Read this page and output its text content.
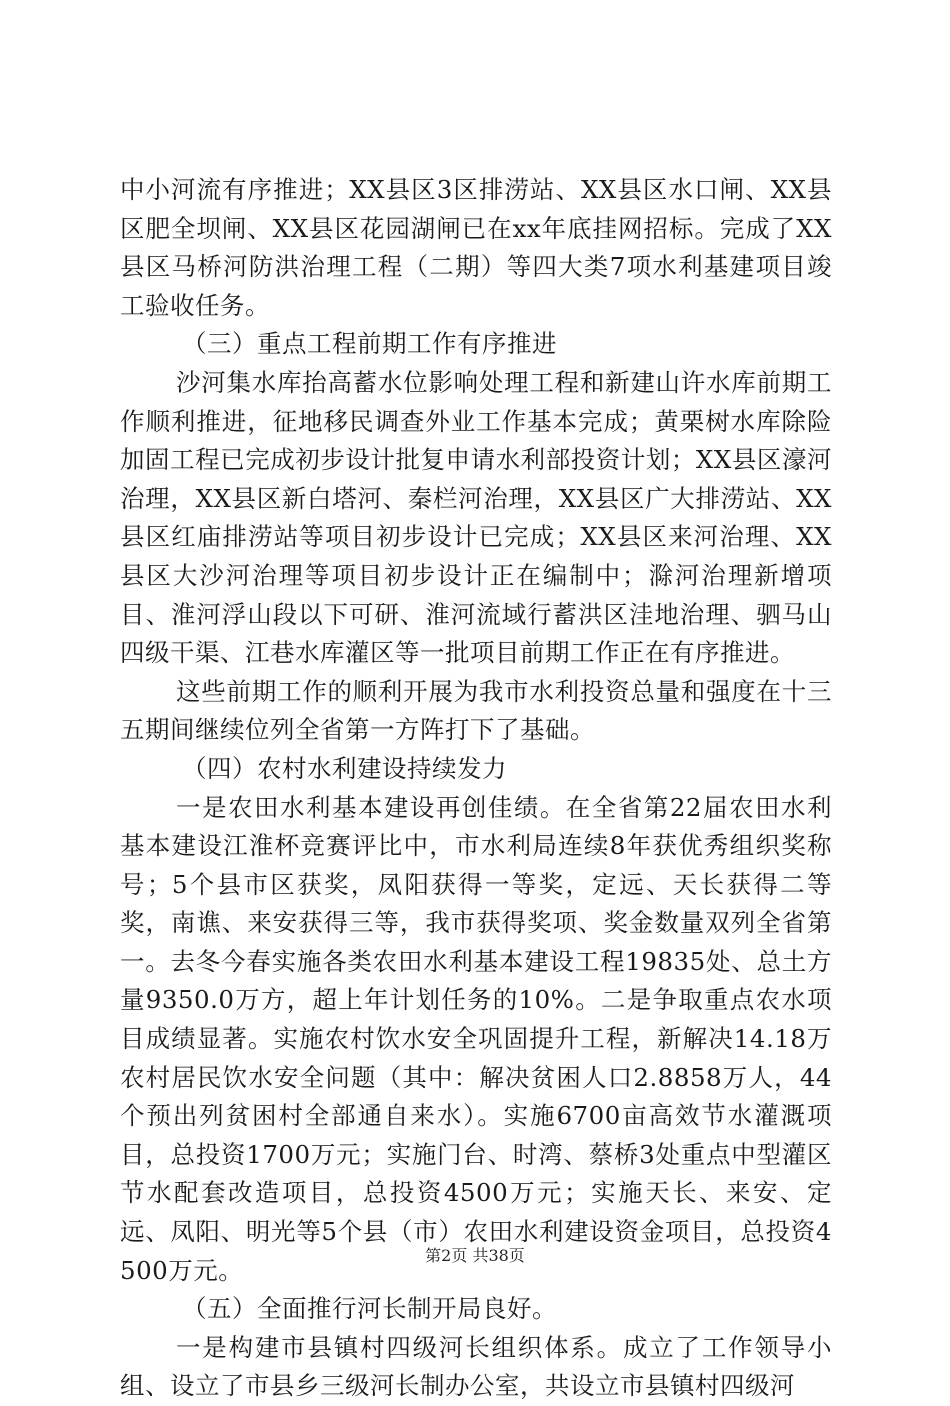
中小河流有序推进；XX县区3区排涝站、XX县区水口闸、XX县区肥全坝闸、XX县区花园湖闸已在xx年底挂网招标。完成了XX县区马桥河防洪治理工程（二期）等四大类7项水利基建项目竣工验收任务。

（三）重点工程前期工作有序推进

沙河集水库抬高蓄水位影响处理工程和新建山许水库前期工作顺利推进，征地移民调查外业工作基本完成；黄栗树水库除险加固工程已完成初步设计批复申请水利部投资计划；XX县区濠河治理，XX县区新白塔河、秦栏河治理，XX县区广大排涝站、XX县区红庙排涝站等项目初步设计已完成；XX县区来河治理、XX县区大沙河治理等项目初步设计正在编制中；滁河治理新增项目、淮河浮山段以下可研、淮河流域行蓄洪区洼地治理、驷马山四级干渠、江巷水库灌区等一批项目前期工作正在有序推进。

这些前期工作的顺利开展为我市水利投资总量和强度在十三五期间继续位列全省第一方阵打下了基础。

（四）农村水利建设持续发力

一是农田水利基本建设再创佳绩。在全省第22届农田水利基本建设江淮杯竞赛评比中，市水利局连续8年获优秀组织奖称号；5个县市区获奖，凤阳获得一等奖，定远、天长获得二等奖，南谯、来安获得三等，我市获得奖项、奖金数量双列全省第一。去冬今春实施各类农田水利基本建设工程19835处、总土方量9350.0万方，超上年计划任务的10%。二是争取重点农水项目成绩显著。实施农村饮水安全巩固提升工程，新解决14.18万农村居民饮水安全问题（其中：解决贫困人口2.8858万人，44个预出列贫困村全部通自来水）。实施6700亩高效节水灌溉项目，总投资1700万元；实施门台、时湾、蔡桥3处重点中型灌区节水配套改造项目，总投资4500万元；实施天长、来安、定远、凤阳、明光等5个县（市）农田水利建设资金项目，总投资4500万元。

（五）全面推行河长制开局良好。

一是构建市县镇村四级河长组织体系。成立了工作领导小组、设立了市县乡三级河长制办公室，共设立市县镇村四级河

第2页 共38页
